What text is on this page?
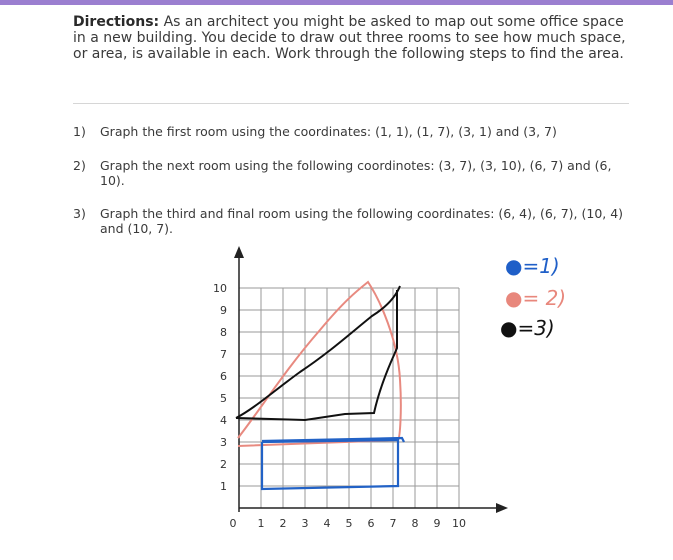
Directions: As an architect you might be asked to map out some office space in a new building. You decide to draw out three rooms to see how much space, or area, is available in each. Work through the following steps to find the area.
1) Graph the first room using the coordinates: (1, 1), (1, 7), (3, 1) and (3, 7)
2) Graph the next room using the following coordinotes: (3, 7), (3, 10), (6, 7) and (6, 10).
3) Graph the third and final room using the following coordinates: (6, 4), (6, 7), (10, 4) and (10, 7).
0 1 2 3 4 5 6 7 8 9 10
1
2
3
4
5
6
7
8
9
10
●=1)
●= 2)
●=3)
